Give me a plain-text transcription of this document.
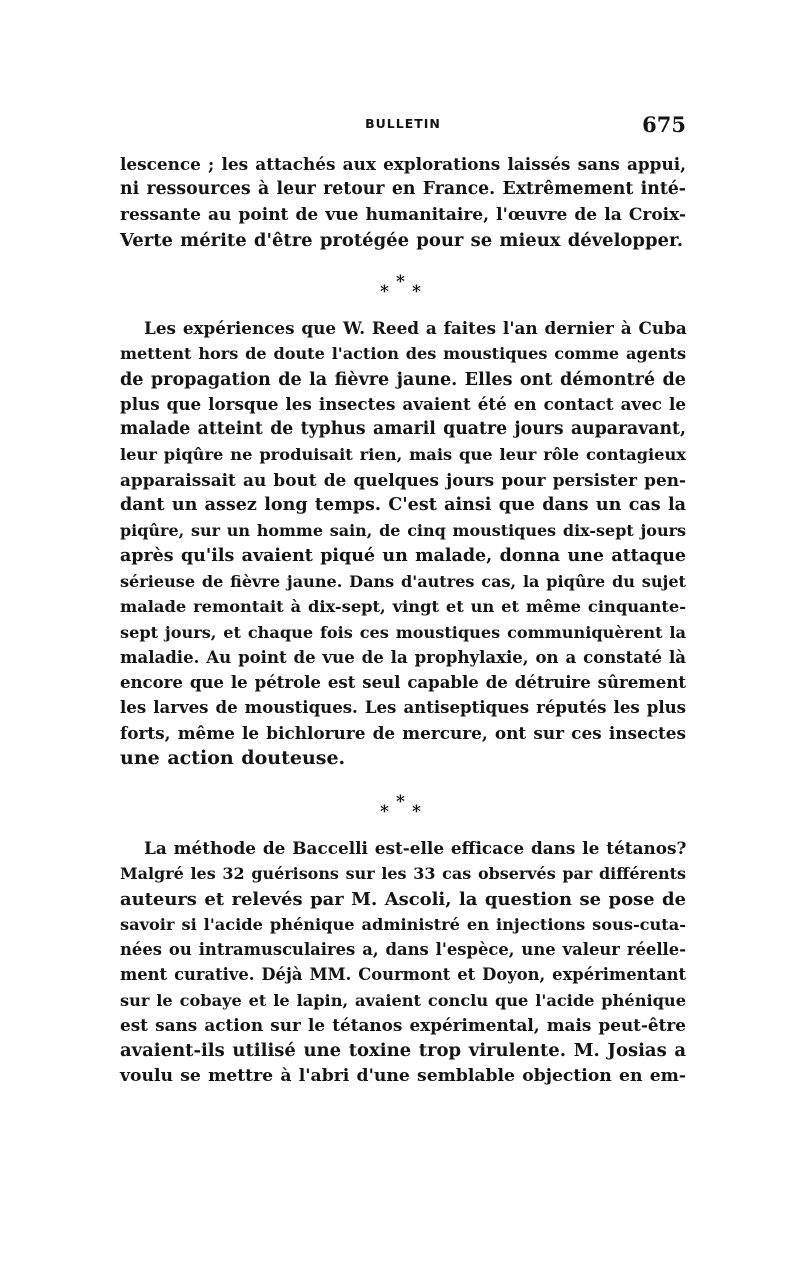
BULLETIN	675
lescence ; les attachés aux explorations laissés sans appui,
ni ressources à leur retour en France. Extrêmement inté-
ressante au point de vue humanitaire, l'œuvre de la Croix-
Verte mérite d'être protégée pour se mieux développer.
*
* *
Les expériences que W. Reed a faites l'an dernier à Cuba
mettent hors de doute l'action des moustiques comme agents
de propagation de la fièvre jaune. Elles ont démontré de
plus que lorsque les insectes avaient été en contact avec le
malade atteint de typhus amaril quatre jours auparavant,
leur piqûre ne produisait rien, mais que leur rôle contagieux
apparaissait au bout de quelques jours pour persister pen-
dant un assez long temps. C'est ainsi que dans un cas la
piqûre, sur un homme sain, de cinq moustiques dix-sept jours
après qu'ils avaient piqué un malade, donna une attaque
sérieuse de fièvre jaune. Dans d'autres cas, la piqûre du sujet
malade remontait à dix-sept, vingt et un et même cinquante-
sept jours, et chaque fois ces moustiques communiquèrent la
maladie. Au point de vue de la prophylaxie, on a constaté là
encore que le pétrole est seul capable de détruire sûrement
les larves de moustiques. Les antiseptiques réputés les plus
forts, même le bichlorure de mercure, ont sur ces insectes
une action douteuse.
*
* *
La méthode de Baccelli est-elle efficace dans le tétanos?
Malgré les 32 guérisons sur les 33 cas observés par différents
auteurs et relevés par M. Ascoli, la question se pose de
savoir si l'acide phénique administré en injections sous-cuta-
nées ou intramusculaires a, dans l'espèce, une valeur réelle-
ment curative. Déjà MM. Courmont et Doyon, expérimentant
sur le cobaye et le lapin, avaient conclu que l'acide phénique
est sans action sur le tétanos expérimental, mais peut-être
avaient-ils utilisé une toxine trop virulente. M. Josias a
voulu se mettre à l'abri d'une semblable objection en em-
